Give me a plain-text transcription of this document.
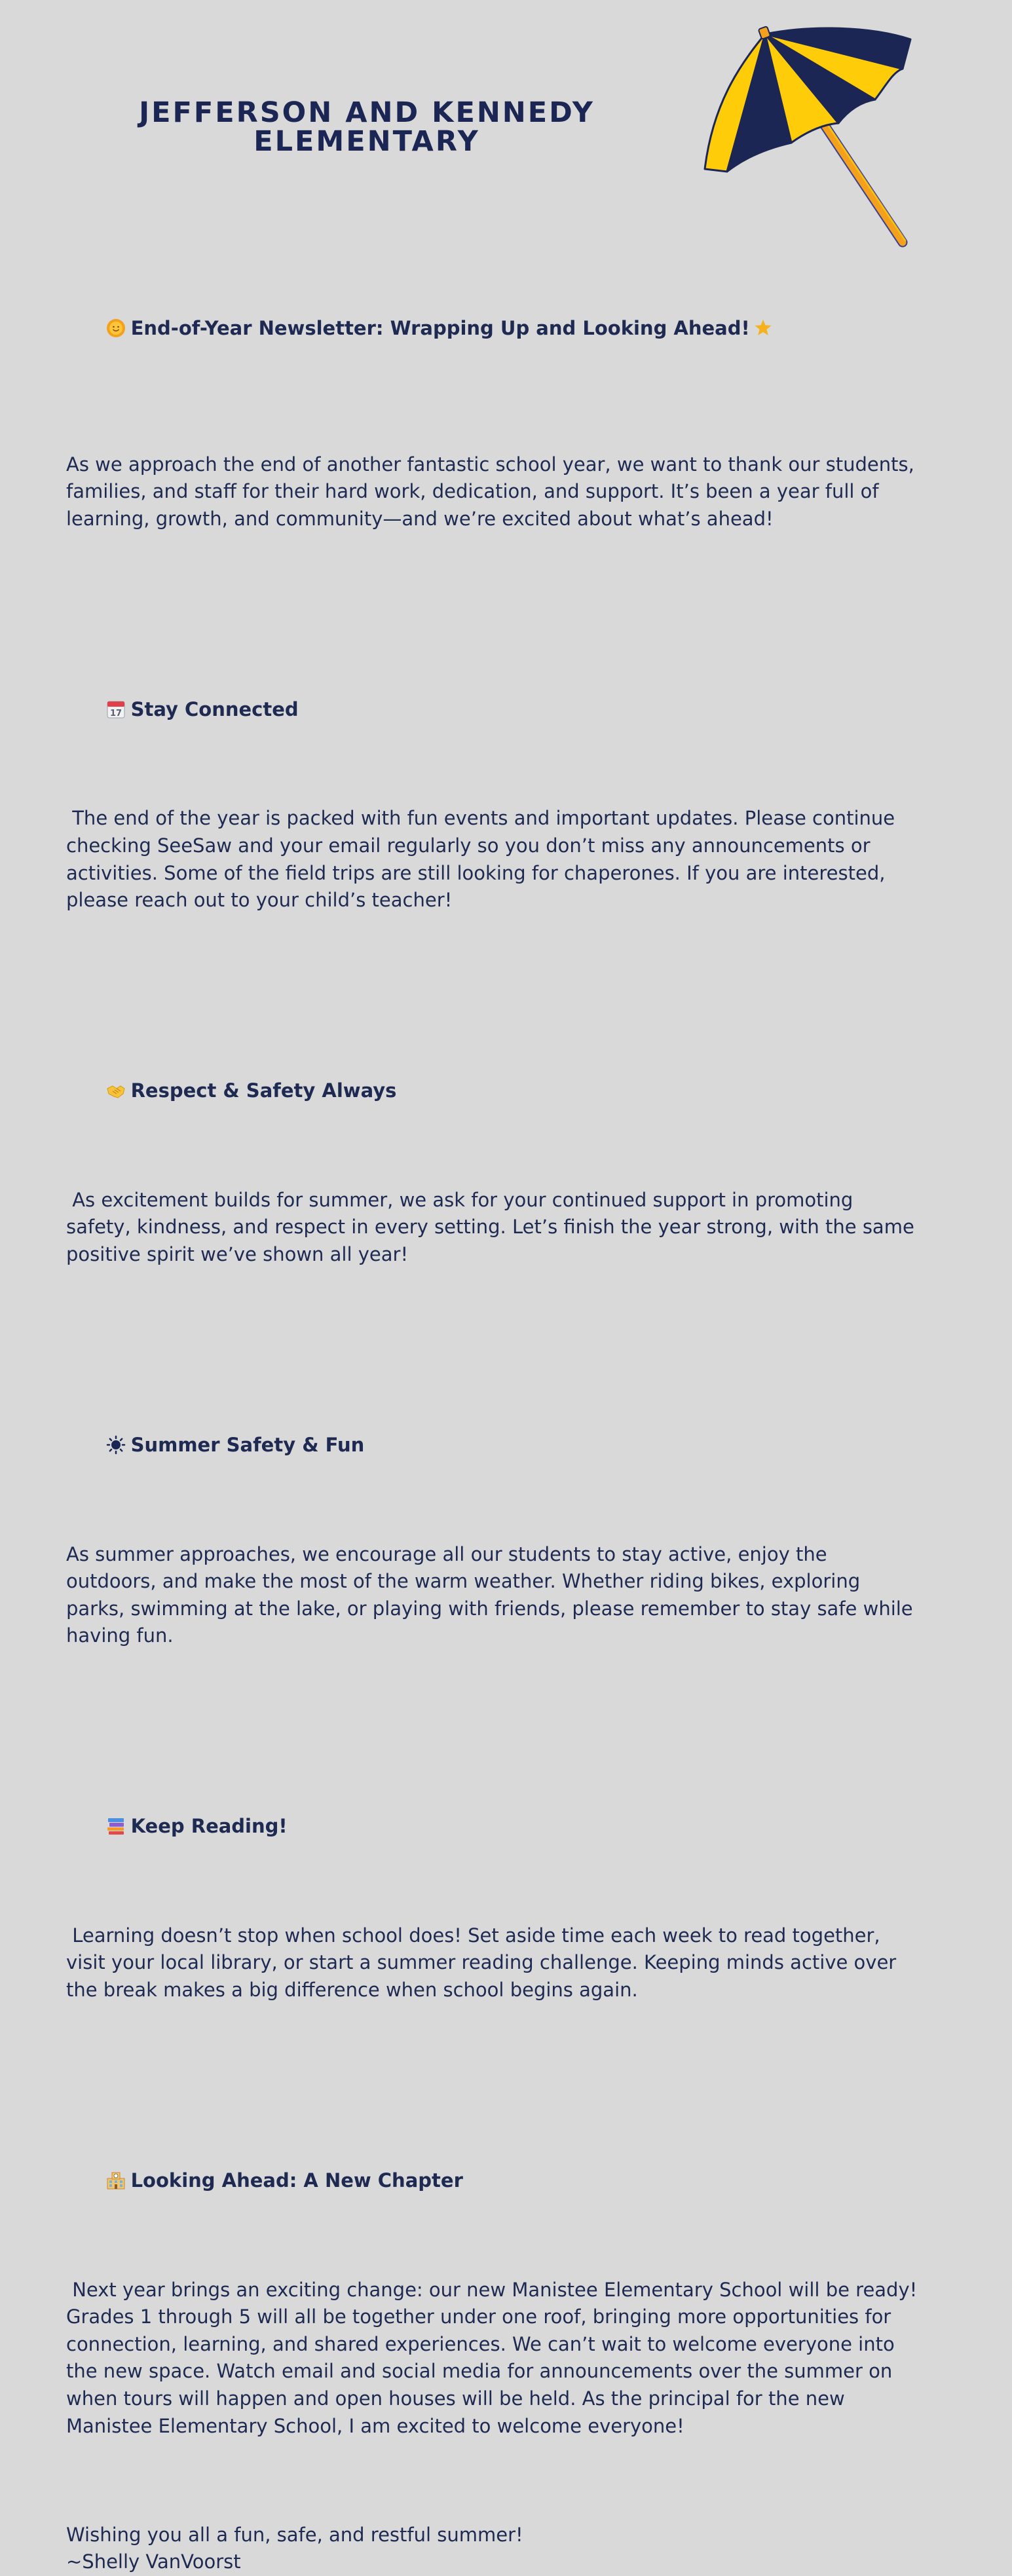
JEFFERSON AND KENNEDY ELEMENTARY

End-of-Year Newsletter: Wrapping Up and Looking Ahead!

As we approach the end of another fantastic school year, we want to thank our students, families, and staff for their hard work, dedication, and support. It’s been a year full of learning, growth, and community—and we’re excited about what’s ahead!

17 Stay Connected

The end of the year is packed with fun events and important updates. Please continue checking SeeSaw and your email regularly so you don’t miss any announcements or activities. Some of the field trips are still looking for chaperones. If you are interested, please reach out to your child’s teacher!

Respect & Safety Always

As excitement builds for summer, we ask for your continued support in promoting safety, kindness, and respect in every setting. Let’s finish the year strong, with the same positive spirit we’ve shown all year!

Summer Safety & Fun

As summer approaches, we encourage all our students to stay active, enjoy the outdoors, and make the most of the warm weather. Whether riding bikes, exploring parks, swimming at the lake, or playing with friends, please remember to stay safe while having fun.

Keep Reading!

Learning doesn’t stop when school does! Set aside time each week to read together, visit your local library, or start a summer reading challenge. Keeping minds active over the break makes a big difference when school begins again.

Looking Ahead: A New Chapter

Next year brings an exciting change: our new Manistee Elementary School will be ready! Grades 1 through 5 will all be together under one roof, bringing more opportunities for connection, learning, and shared experiences. We can’t wait to welcome everyone into the new space. Watch email and social media for announcements over the summer on when tours will happen and open houses will be held. As the principal for the new Manistee Elementary School, I am excited to welcome everyone!

Wishing you all a fun, safe, and restful summer!
~Shelly VanVoorst
